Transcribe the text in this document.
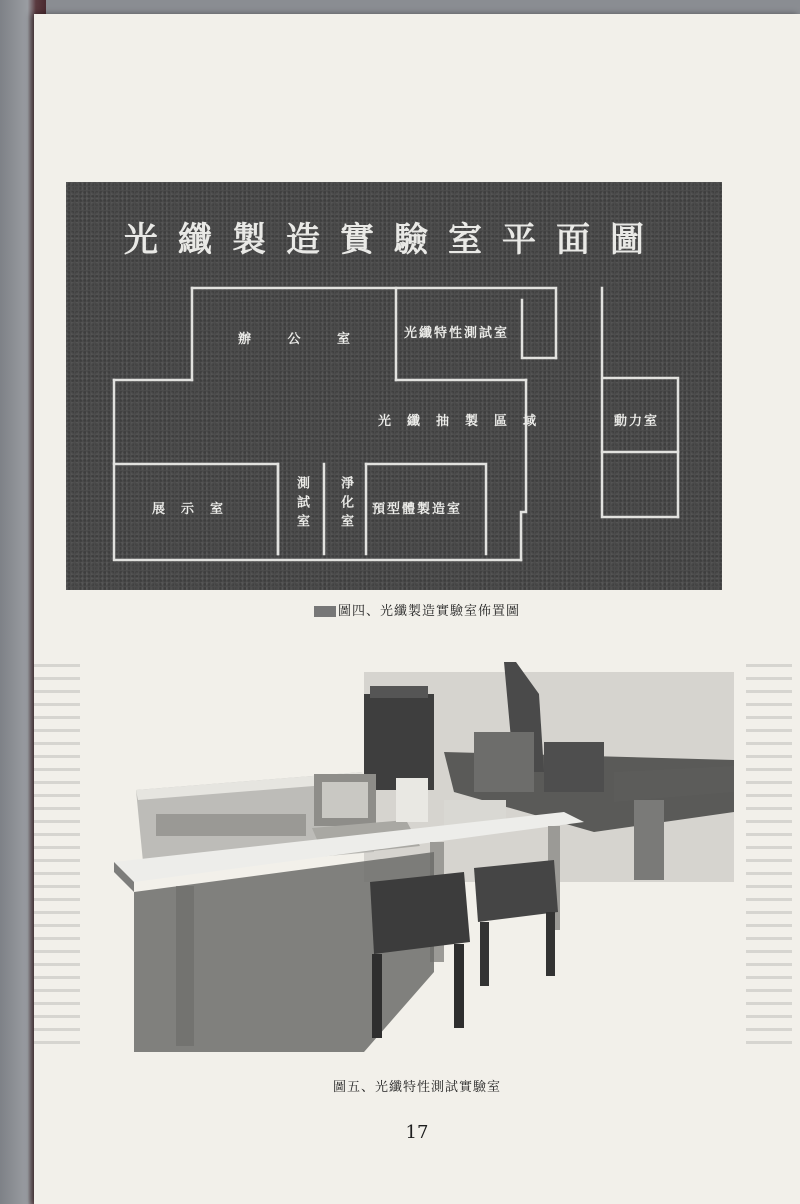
光纖製造實驗室平面圖
辦 公 室	光纖特性測試室
光纖抽製區域	動力室
展示室	測試室 淨化室 預型體製造室
圖四、光纖製造實驗室佈置圖
圖五、光纖特性測試實驗室
17
